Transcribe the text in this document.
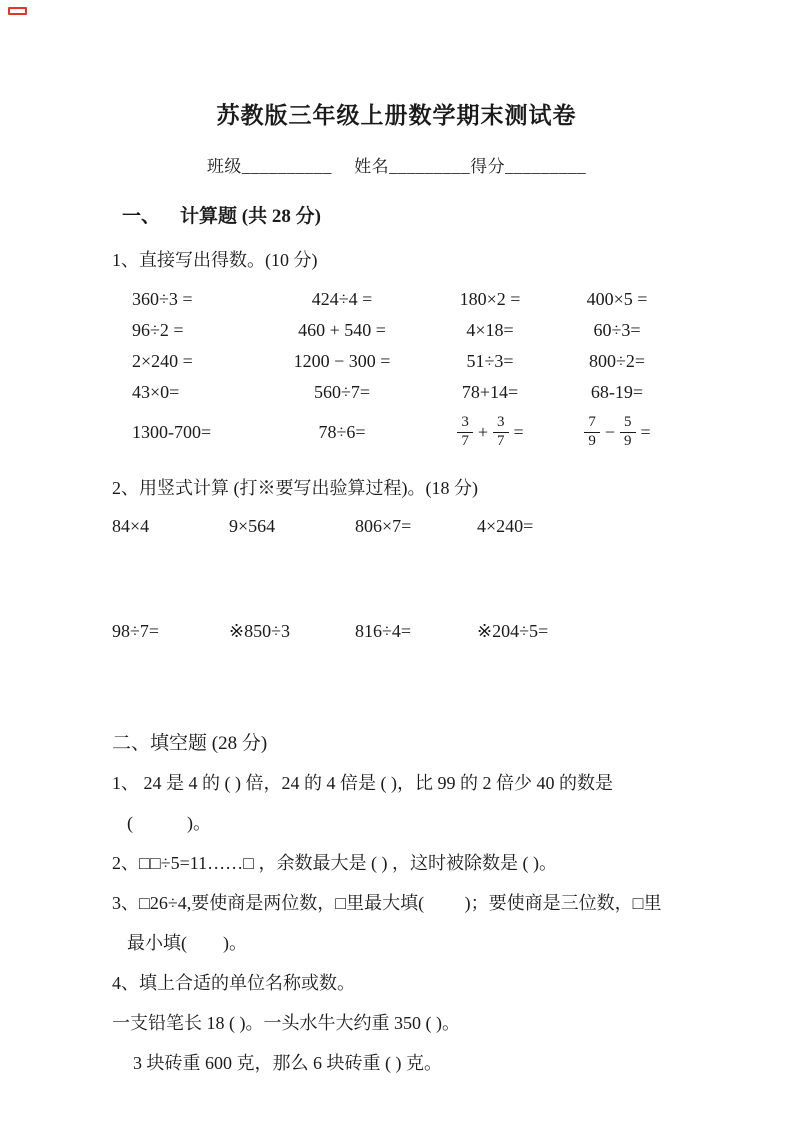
苏教版三年级上册数学期末测试卷
班级__________　 姓名_________得分_________
一、 计算题 (共 28 分)
1、直接写出得数。(10 分)
360÷3 =	424÷4 =	180×2 =	400×5 =
96÷2 =	460 + 540 =	4×18=	60÷3=
2×240 =	1200 − 300 =	51÷3=	800÷2=
43×0=	560÷7=	78+14=	68-19=
1300-700=	78÷6=	$\frac{3}{7} + \frac{3}{7}$ =	$\frac{7}{9} - \frac{5}{9}$ =
2、用竖式计算 (打※要写出验算过程)。(18 分)
84×4	9×564	806×7=	4×240=
98÷7=	※850÷3	816÷4=	※204÷5=
二、填空题 (28 分)

1、 24 是 4 的 ( ) 倍，24 的 4 倍是 ( )，比 99 的 2 倍少 40 的数是

(　　　)。

2、□□÷5=11……□ ，余数最大是 ( ) ，这时被除数是 ( )。

3、□26÷4,要使商是两位数，□里最大填(　　 )；要使商是三位数，□里

最小填(　　)。

4、填上合适的单位名称或数。

一支铅笔长 18 ( )。一头水牛大约重 350 ( )。

3 块砖重 600 克，那么 6 块砖重 ( ) 克。
